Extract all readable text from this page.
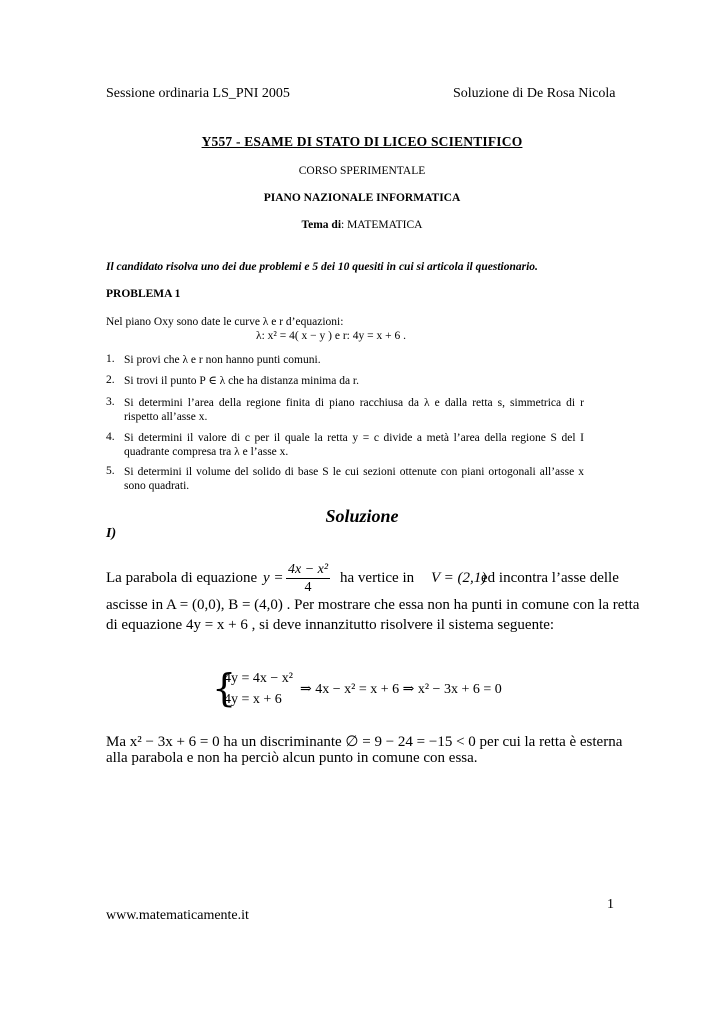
Sessione ordinaria LS_PNI 2005	Soluzione di De Rosa Nicola
Y557 - ESAME DI STATO DI LICEO SCIENTIFICO
CORSO SPERIMENTALE
PIANO NAZIONALE INFORMATICA
Tema di: MATEMATICA
Il candidato risolva uno dei due problemi e 5 dei 10 quesiti in cui si articola il questionario.
PROBLEMA 1
Nel piano Oxy sono date le curve λ e r d’equazioni:
λ: x² = 4( x − y ) e r: 4y = x + 6 .
1. Si provi che λ e r non hanno punti comuni.
2. Si trovi il punto P ∈ λ che ha distanza minima da r.
3. Si determini l’area della regione finita di piano racchiusa da λ e dalla retta s, simmetrica di r rispetto all’asse x.
4. Si determini il valore di c per il quale la retta y = c divide a metà l’area della regione S del I quadrante compresa tra λ e l’asse x.
5. Si determini il volume del solido di base S le cui sezioni ottenute con piani ortogonali all’asse x sono quadrati.
Soluzione
I)
La parabola di equazione $y = \frac{\text{4x − x²}}{4}$ ha vertice in V = (2,1)
ed incontra l’asse delle
ascisse in A = (0,0), B = (4,0) . Per mostrare che essa non ha punti in comune con la retta
di equazione 4y = x + 6 , si deve innanzitutto risolvere il sistema seguente:
{
4y = 4x − x²
4y = x + 6
⇒ 4x − x² = x + 6 ⇒ x² − 3x + 6 = 0
Ma x² − 3x + 6 = 0 ha un discriminante ∅ = 9 − 24 = −15 < 0 per cui la retta è esterna
alla parabola e non ha perciò alcun punto in comune con essa.
1
www.matematicamente.it
